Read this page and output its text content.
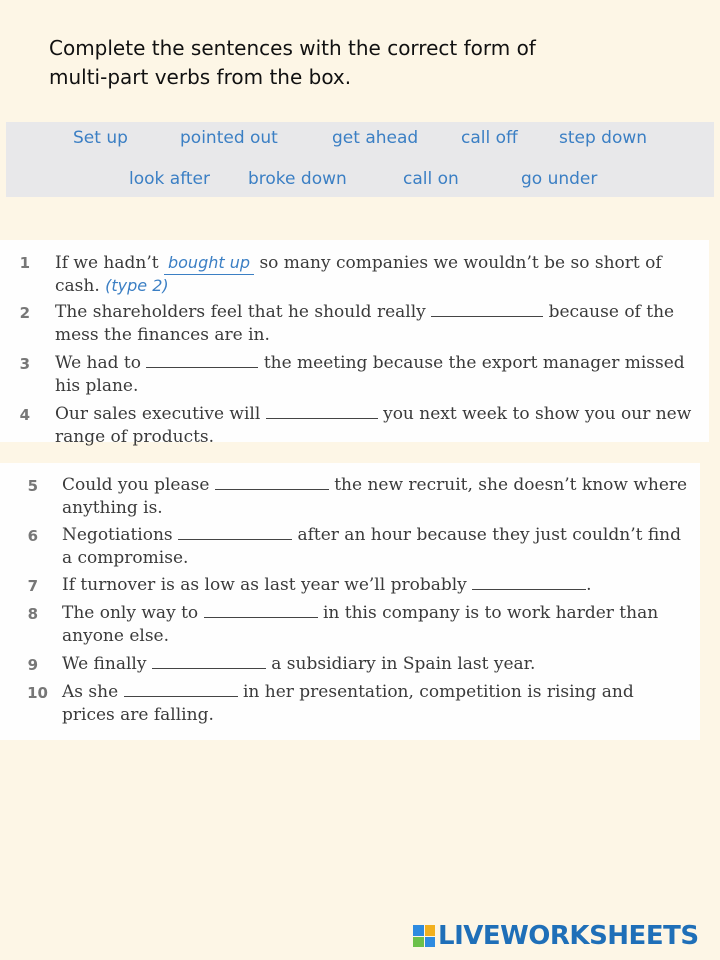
Complete the sentences with the correct form of
multi-part verbs from the box.
Set up	pointed out	get ahead	call off step down
look after broke down	call on	go under
1 If we hadn’t bought up so many companies we wouldn’t be so short of
cash. (type 2)
2 The shareholders feel that he should really	because of the
mess the finances are in.
3 We had to	the meeting because the export manager missed
his plane.
4 Our sales executive will	you next week to show you our new
range of products.
5 Could you please	the new recruit, she doesn’t know where
anything is.
6 Negotiations	after an hour because they just couldn’t find
a compromise.
7 If turnover is as low as last year we’ll probably	.
8 The only way to	in this company is to work harder than
anyone else.
9 We finally	a subsidiary in Spain last year.
10 As she	in her presentation, competition is rising and
prices are falling.
LIVEWORKSHEETS
